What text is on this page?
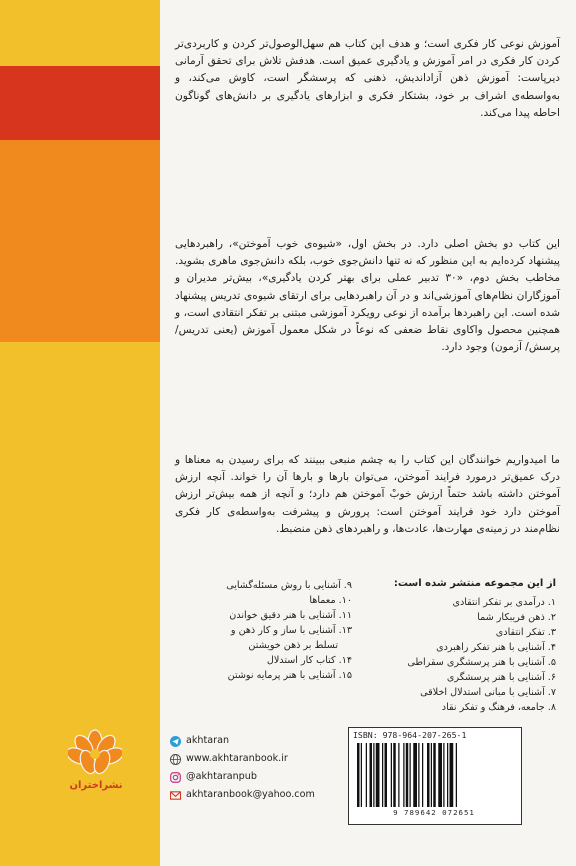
آموزش نوعی کار فکری است؛ و هدف این کتاب هم سهل‌الوصول‌تر کردن و کاربردی‌تر کردن کار فکری در امر آموزش و یادگیری عمیق است. هدفش تلاش برای تحقق آرمانی دیرپاست: آموزش ذهن آزاداندیش، ذهنی که پرسشگر است، کاوش می‌کند، و به‌واسطه‌ی اشراف بر خود، بشتکار فکری و ابزارهای یادگیری بر دانش‌های گوناگون احاطه پیدا می‌کند.
این کتاب دو بخش اصلی دارد. در بخش اول، «شیوه‌ی خوب آموختن»، راهبردهایی پیشنهاد کرده‌ایم به این منظور که نه تنها دانش‌جوی خوب، بلکه دانش‌جوی ماهری بشوید. مخاطب بخش دوم، «۳۰ تدبیر عملی برای بهتر کردن یادگیری»، بیش‌تر مدیران و آموزگاران نظام‌های آموزشی‌اند و در آن راهبردهایی برای ارتقای شیوه‌ی تدریس پیشنهاد شده است. این راهبردها برآمده از نوعی رویکرد آموزشی مبتنی بر تفکر انتقادی است، و همچنین محصول واکاوی نقاط ضعفی که نوعاً در شکل معمول آموزش (یعنی تدریس/ پرسش/ آزمون) وجود دارد.
ما امیدواریم خوانندگان این کتاب را به چشم منبعی ببینند که برای رسیدن به معناها و درک عمیق‌تر درمورد فرایند آموختن، می‌توان بارها و بارها آن را خواند. آنچه ارزش آموختن داشته باشد حتماً ارزش خوبْ آموختن هم دارد؛ و آنچه از همه بیش‌تر ارزش آموختن دارد خود فرایند آموختن است: پرورش و پیشرفت به‌واسطه‌ی کار فکری نظام‌مند در زمینه‌ی مهارت‌ها، عادت‌ها، و راهبردهای ذهن منضبط.
از این مجموعه منتشر شده است:
۱. درآمدی بر تفکر انتقادی
۲. ذهن فریبکار شما
۳. تفکر انتقادی
۴. آشنایی با هنر تفکر راهبردی
۵. آشنایی با هنر پرسشگری سقراطی
۶. آشنایی با هنر پرسشگری
۷. آشنایی با مبانی استدلال اخلاقی
۸. جامعه، فرهنگ و تفکر نقاد
۹. آشنایی با روش مسئله‌گشایی
۱۰. معماها
۱۱. آشنایی با هنر دقیق خواندن
۱۳. آشنایی با ساز و کار ذهن و
تسلط بر ذهن خویشتن
۱۴. کتاب کار استدلال
۱۵. آشنایی با هنر پرمایه نوشتن
نشراختران
akhtaran
www.akhtaranbook.ir
@akhtaranpub
akhtaranbook@yahoo.com
ISBN: 978-964-207-265-1
9 789642 072651
